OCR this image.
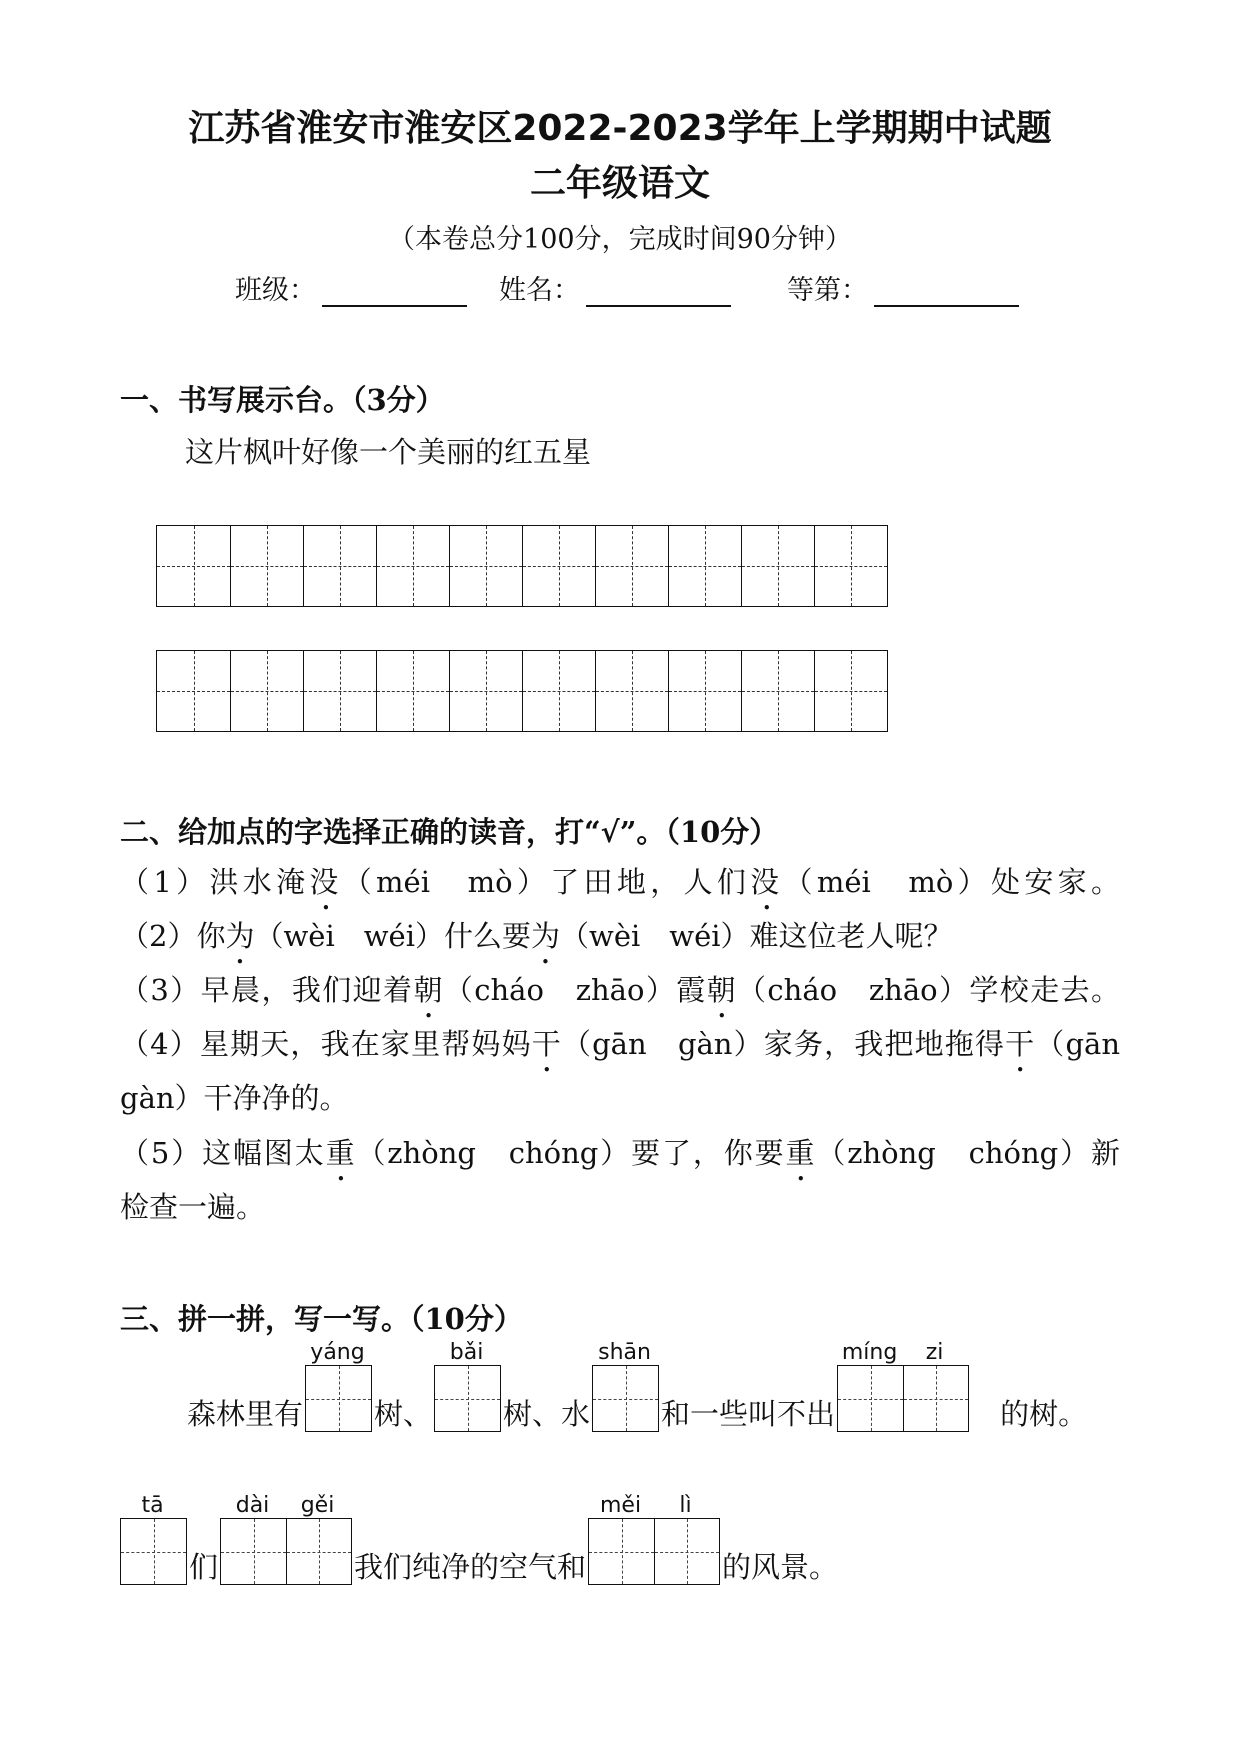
江苏省淮安市淮安区2022-2023学年上学期期中试题
二年级语文
（本卷总分100分，完成时间90分钟）
班级：	姓名：	等第：
一、书写展示台。（3分）
这片枫叶好像一个美丽的红五星
二、给加点的字选择正确的读音，打“√”。（10分）
（1）洪水淹没（méi　mò）了田地，人们没（méi　mò）处安家。
（2）你为（wèi　wéi）什么要为（wèi　wéi）难这位老人呢？
（3）早晨，我们迎着朝（cháo　zhāo）霞朝（cháo　zhāo）学校走去。
（4）星期天，我在家里帮妈妈干（gān　gàn）家务，我把地拖得干（gān
gàn）干净净的。
（5）这幅图太重（zhòng　chóng）要了，你要重（zhòng　chóng）新
检查一遍。
三、拼一拼，写一写。（10分）
森林里有
yáng
树、
bǎi
树、水
shān
和一些叫不出
míng	zi
　的树。
tā
们
dài	gěi
我们纯净的空气和
měi	lì
的风景。
